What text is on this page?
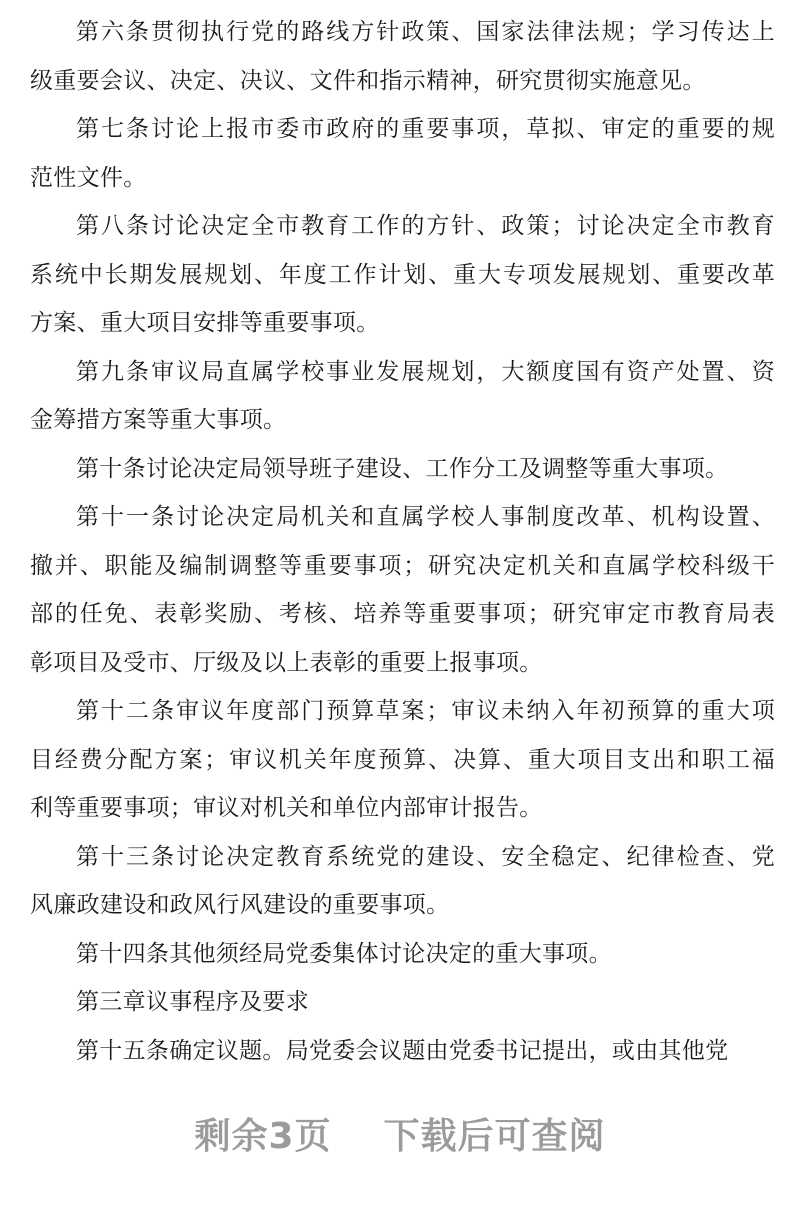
第六条贯彻执行党的路线方针政策、国家法律法规；学习传达上
级重要会议、决定、决议、文件和指示精神，研究贯彻实施意见。
第七条讨论上报市委市政府的重要事项，草拟、审定的重要的规
范性文件。
第八条讨论决定全市教育工作的方针、政策；讨论决定全市教育
系统中长期发展规划、年度工作计划、重大专项发展规划、重要改革
方案、重大项目安排等重要事项。
第九条审议局直属学校事业发展规划，大额度国有资产处置、资
金筹措方案等重大事项。
第十条讨论决定局领导班子建设、工作分工及调整等重大事项。
第十一条讨论决定局机关和直属学校人事制度改革、机构设置、
撤并、职能及编制调整等重要事项；研究决定机关和直属学校科级干
部的任免、表彰奖励、考核、培养等重要事项；研究审定市教育局表
彰项目及受市、厅级及以上表彰的重要上报事项。
第十二条审议年度部门预算草案；审议未纳入年初预算的重大项
目经费分配方案；审议机关年度预算、决算、重大项目支出和职工福
利等重要事项；审议对机关和单位内部审计报告。
第十三条讨论决定教育系统党的建设、安全稳定、纪律检查、党
风廉政建设和政风行风建设的重要事项。
第十四条其他须经局党委集体讨论决定的重大事项。
第三章议事程序及要求
第十五条确定议题。局党委会议题由党委书记提出，或由其他党
剩余3页 下载后可查阅
